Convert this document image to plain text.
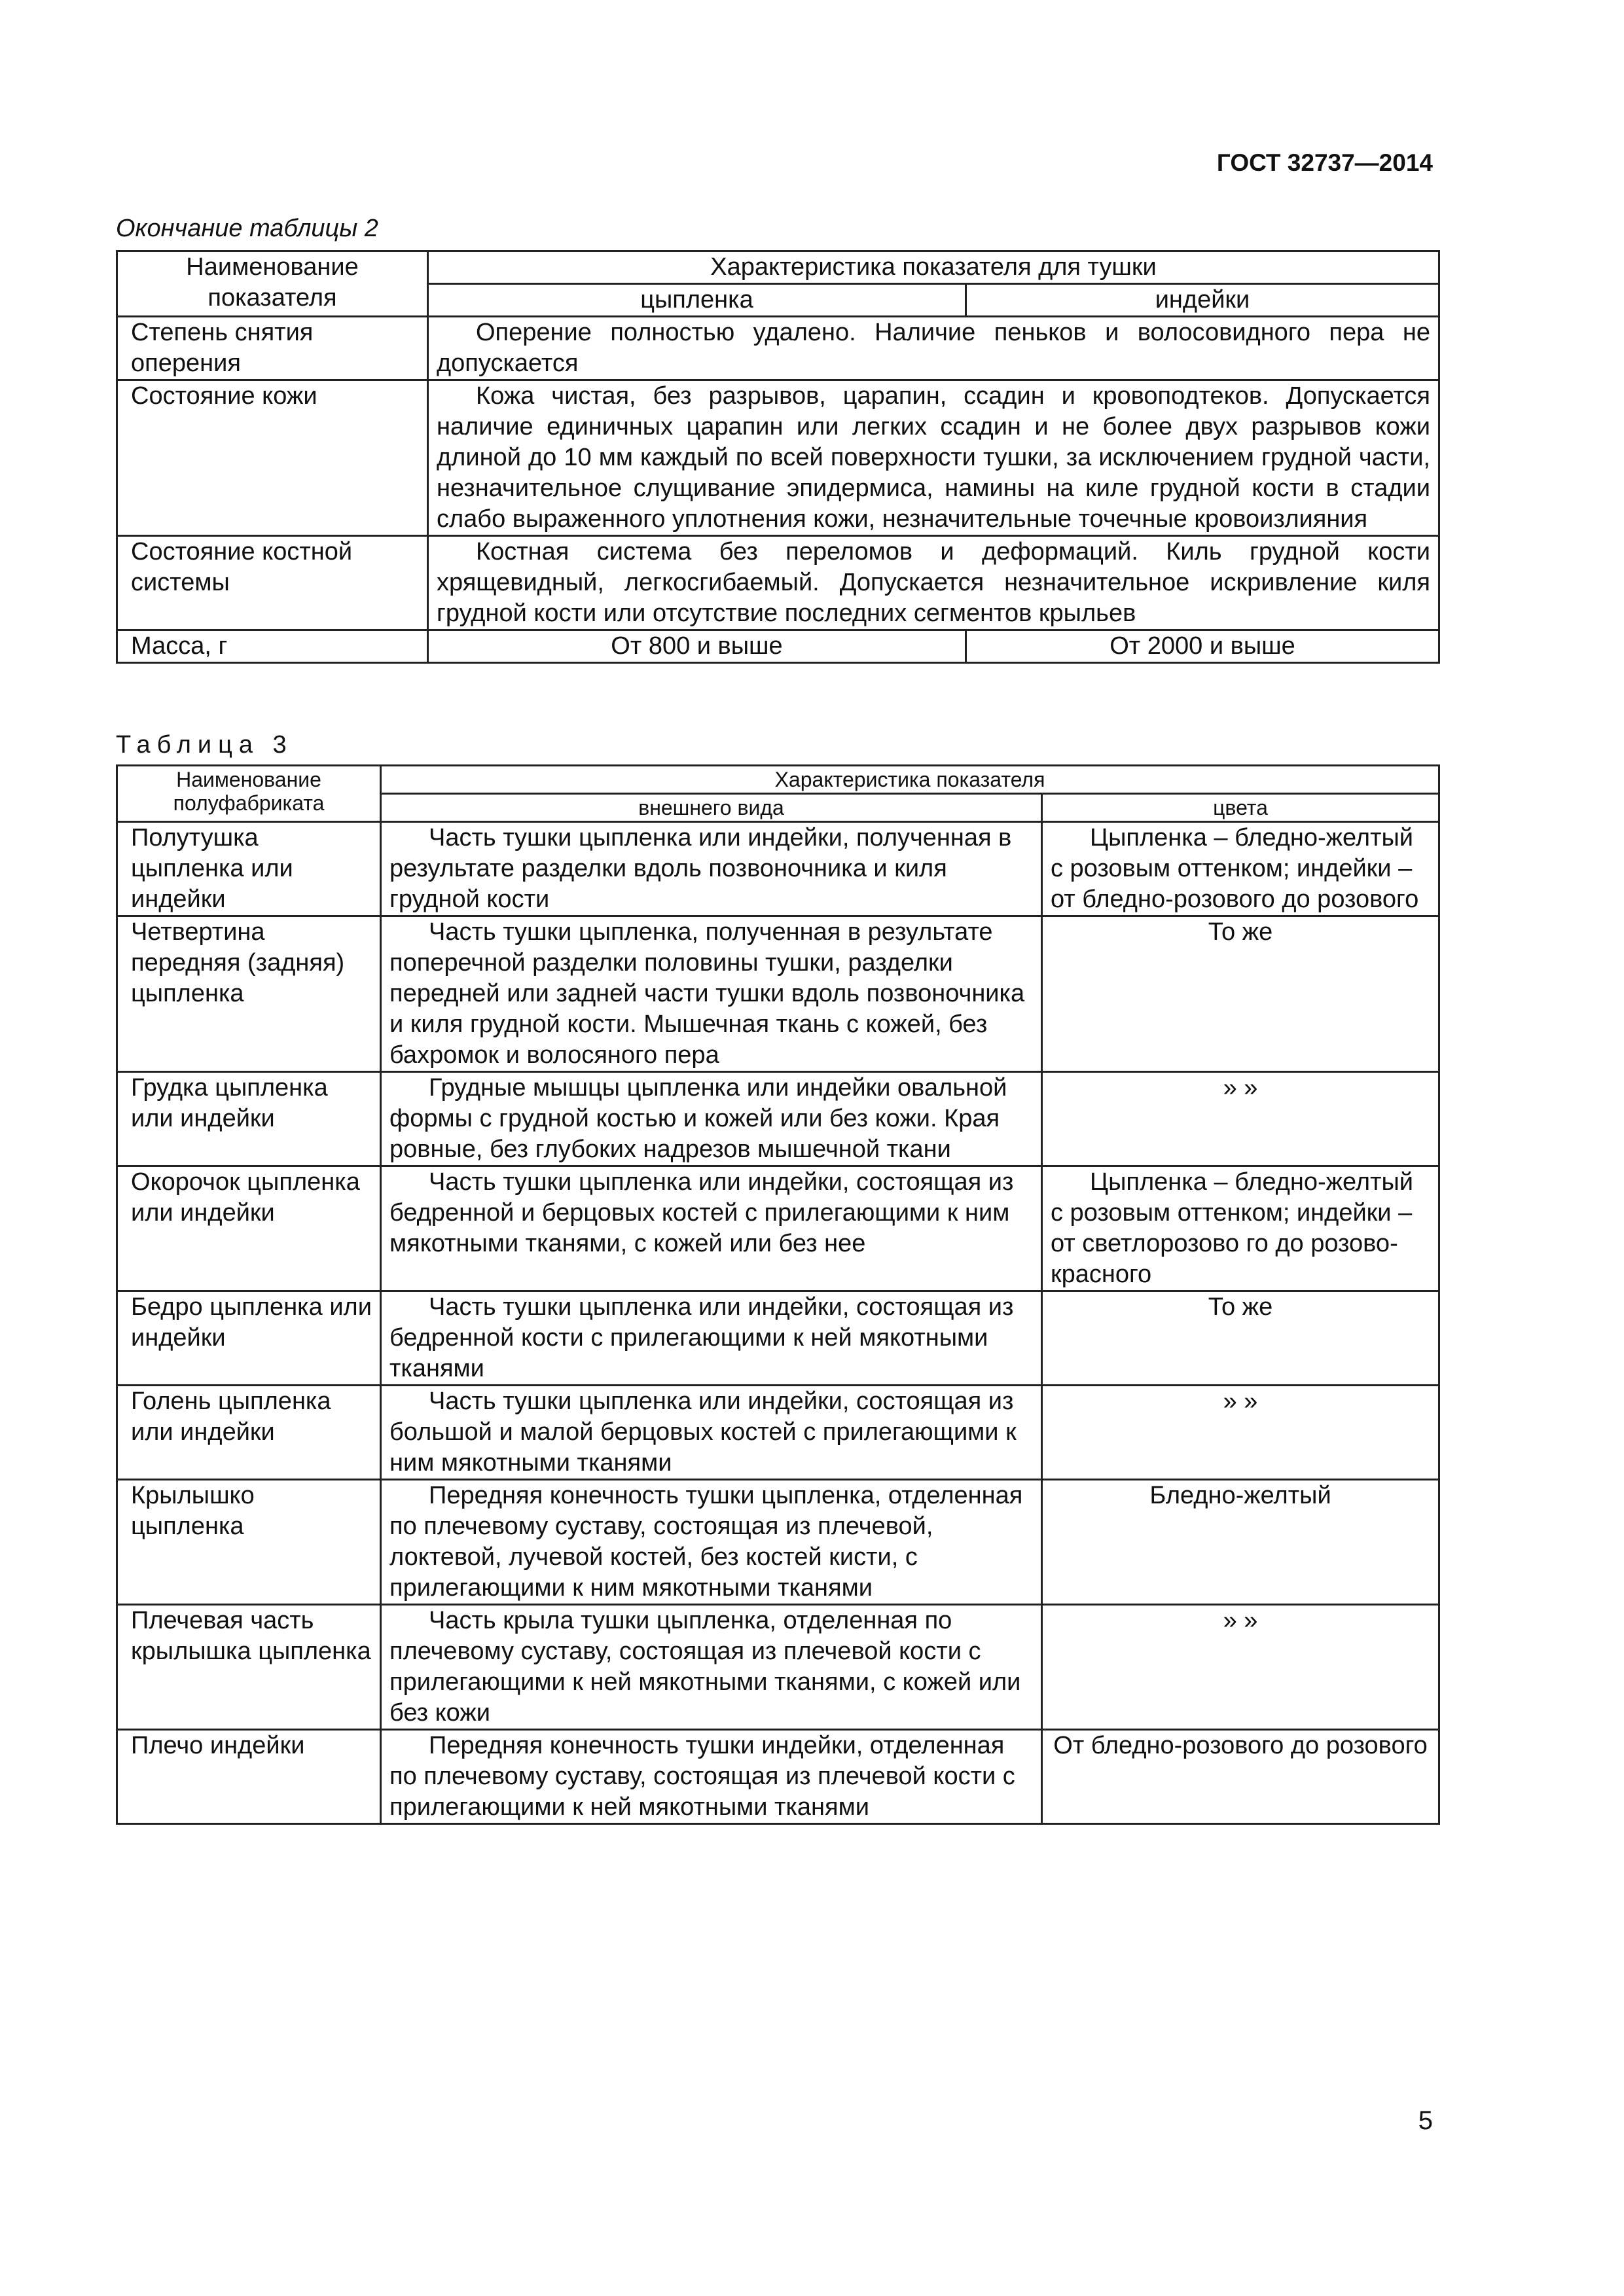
ГОСТ 32737—2014
Окончание таблицы 2
Наименование показателя	Характеристика показателя для тушки	
	цыпленка	индейки
Степень снятия оперения	Оперение полностью удалено. Наличие пеньков и волосовидного пера не допускается	
Состояние кожи	Кожа чистая, без разрывов, царапин, ссадин и кровоподтеков. Допускается наличие единичных царапин или легких ссадин и не более двух разрывов кожи длиной до 10 мм каждый по всей поверхности тушки, за исключением грудной части, незначительное слущивание эпидермиса, намины на киле грудной кости в стадии слабо выраженного уплотнения кожи, незначительные точечные кровоизлияния	
Состояние костной системы	Костная система без переломов и деформаций. Киль грудной кости хрящевидный, легкосгибаемый. Допускается незначительное искривление киля грудной кости или отсутствие последних сегментов крыльев	
Масса, г	От 800 и выше	От 2000 и выше
Таблица 3
Наименование полуфабриката	Характеристика показателя	
	внешнего вида	цвета
Полутушка цыпленка или индейки	Часть тушки цыпленка или индейки, полученная в результате разделки вдоль позвоночника и киля грудной кости	Цыпленка – бледно-желтый с розовым оттенком; индейки – от бледно-розового до розового
Четвертина передняя (задняя) цыпленка	Часть тушки цыпленка, полученная в результате поперечной разделки половины тушки, разделки передней или задней части тушки вдоль позвоночника и киля грудной кости. Мышечная ткань с кожей, без бахромок и волосяного пера	То же
Грудка цыпленка или индейки	Грудные мышцы цыпленка или индейки овальной формы с грудной костью и кожей или без кожи. Края ровные, без глубоких надрезов мышечной ткани	» »
Окорочок цыпленка или индейки	Часть тушки цыпленка или индейки, состоящая из бедренной и берцовых костей с прилегающими к ним мякотными тканями, с кожей или без нее	Цыпленка – бледно-желтый с розовым оттенком; индейки – от светлорозово го до розово-красного
Бедро цыпленка или индейки	Часть тушки цыпленка или индейки, состоящая из бедренной кости с прилегающими к ней мякотными тканями	То же
Голень цыпленка или индейки	Часть тушки цыпленка или индейки, состоящая из большой и малой берцовых костей с прилегающими к ним мякотными тканями	» »
Крылышко цыпленка	Передняя конечность тушки цыпленка, отделенная по плечевому суставу, состоящая из плечевой, локтевой, лучевой костей, без костей кисти, с прилегающими к ним мякотными тканями	Бледно-желтый
Плечевая часть крылышка цыпленка	Часть крыла тушки цыпленка, отделенная по плечевому суставу, состоящая из плечевой кости с прилегающими к ней мякотными тканями, с кожей или без кожи	» »
Плечо индейки	Передняя конечность тушки индейки, отделенная по плечевому суставу, состоящая из плечевой кости с прилегающими к ней мякотными тканями	От бледно-розового до розового
5
